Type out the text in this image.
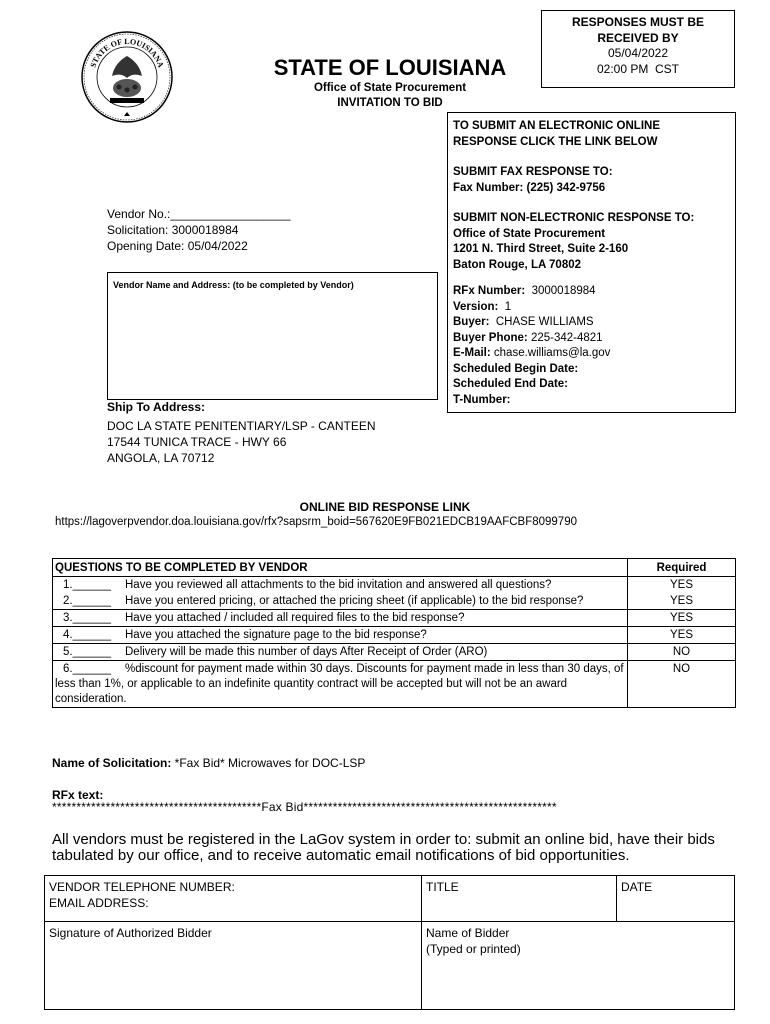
STATE OF LOUISIANA
RESPONSES MUST BE
RECEIVED BY
05/04/2022
02:00 PM  CST
STATE OF LOUISIANA
Office of State Procurement
INVITATION TO BID
TO SUBMIT AN ELECTRONIC ONLINE
RESPONSE CLICK THE LINK BELOW
SUBMIT FAX RESPONSE TO:
Fax Number: (225) 342-9756
SUBMIT NON-ELECTRONIC RESPONSE TO:
Office of State Procurement
1201 N. Third Street, Suite 2-160
Baton Rouge, LA 70802
RFx Number:  3000018984
Version:  1
Buyer:  CHASE WILLIAMS
Buyer Phone: 225-342-4821
E-Mail: chase.williams@la.gov
Scheduled Begin Date:
Scheduled End Date:
T-Number:
Vendor No.:__________________
Solicitation: 3000018984
Opening Date: 05/04/2022
Vendor Name and Address: (to be completed by Vendor)
Ship To Address:
DOC LA STATE PENITENTIARY/LSP - CANTEEN
17544 TUNICA TRACE - HWY 66
ANGOLA, LA 70712
ONLINE BID RESPONSE LINK
https://lagoverpvendor.doa.louisiana.gov/rfx?sapsrm_boid=567620E9FB021EDCB19AAFCBF8099790
QUESTIONS TO BE COMPLETED BY VENDOR	Required
1.______ Have you reviewed all attachments to the bid invitation and answered all questions?	YES
2.______ Have you entered pricing, or attached the pricing sheet (if applicable) to the bid response?	YES
3.______ Have you attached / included all required files to the bid response?	YES
4.______ Have you attached the signature page to the bid response?	YES
5.______ Delivery will be made this number of days After Receipt of Order (ARO)	NO
6.______ %discount for payment made within 30 days. Discounts for payment made in less than 30 days, of less than 1%, or applicable to an indefinite quantity contract will be accepted but will not be an award consideration.	NO
Name of Solicitation: *Fax Bid* Microwaves for DOC-LSP
RFx text:
*******************************************Fax Bid****************************************************
All vendors must be registered in the LaGov system in order to: submit an online bid, have their bids tabulated by our office, and to receive automatic email notifications of bid opportunities.
VENDOR TELEPHONE NUMBER:
EMAIL ADDRESS:	TITLE	DATE

Signature of Authorized Bidder	Name of Bidder
(Typed or printed)	
